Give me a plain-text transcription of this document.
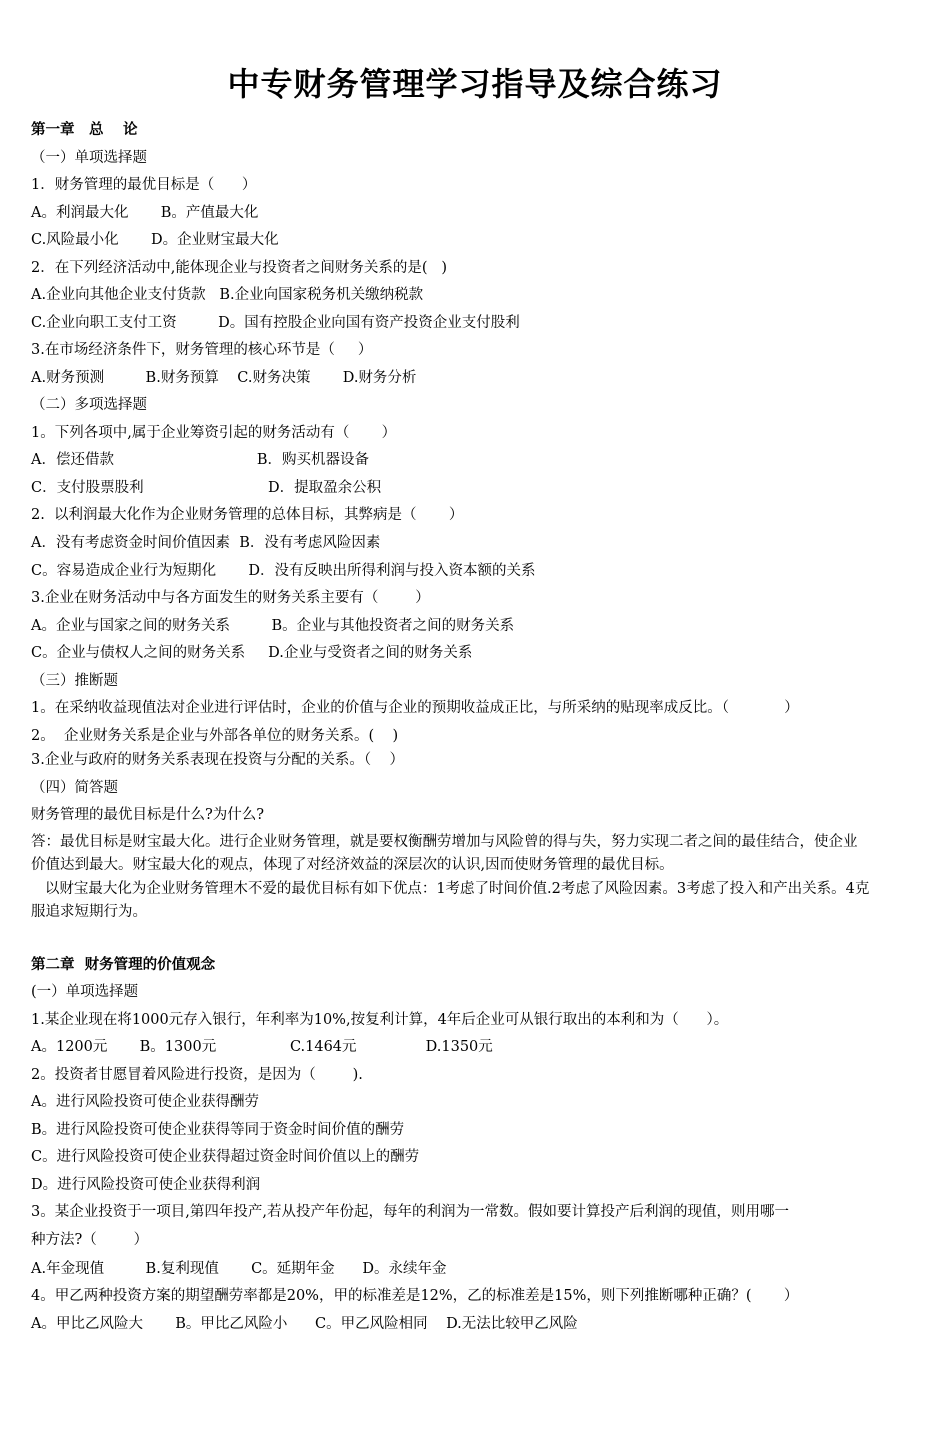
中专财务管理学习指导及综合练习
第一章　总　 论
（一）单项选择题
1．财务管理的最优目标是（      ）
A。利润最大化       B。产值最大化
C.风险最小化       D。企业财宝最大化
2．在下列经济活动中,能体现企业与投资者之间财务关系的是(   )
A.企业向其他企业支付货款   B.企业向国家税务机关缴纳税款
C.企业向职工支付工资         D。国有控股企业向国有资产投资企业支付股利
3.在市场经济条件下，财务管理的核心环节是（     ）
A.财务预测         B.财务预算    C.财务决策       D.财务分析
（二）多项选择题
1。下列各项中,属于企业筹资引起的财务活动有（       ）
A．偿还借款                               B．购买机器设备
C．支付股票股利                           D．提取盈余公积
2.  以利润最大化作为企业财务管理的总体目标，其弊病是（       ）
A．没有考虑资金时间价值因素  B．没有考虑风险因素
C。容易造成企业行为短期化       D．没有反映出所得利润与投入资本额的关系
3.企业在财务活动中与各方面发生的财务关系主要有（        ）
A。企业与国家之间的财务关系         B。企业与其他投资者之间的财务关系
C。企业与债权人之间的财务关系     D.企业与受资者之间的财务关系
（三）推断题
1。在采纳收益现值法对企业进行评估时，企业的价值与企业的预期收益成正比，与所采纳的贴现率成反比。（            ）
2。  企业财务关系是企业与外部各单位的财务关系。(    )
3.企业与政府的财务关系表现在投资与分配的关系。（    ）
（四）简答题
财务管理的最优目标是什么?为什么?
答：最优目标是财宝最大化。进行企业财务管理，就是要权衡酬劳增加与风险曾的得与失，努力实现二者之间的最佳结合，使企业价值达到最大。财宝最大化的观点，体现了对经济效益的深层次的认识,因而使财务管理的最优目标。
以财宝最大化为企业财务管理木不爱的最优目标有如下优点：1考虑了时间价值.2考虑了风险因素。3考虑了投入和产出关系。4克服追求短期行为。
第二章  财务管理的价值观念
(一）单项选择题
1.某企业现在将1000元存入银行，年利率为10%,按复利计算，4年后企业可从银行取出的本利和为（      ）。
A。1200元       B。1300元                C.1464元               D.1350元
2。投资者甘愿冒着风险进行投资，是因为（        ).
A。进行风险投资可使企业获得酬劳
B。进行风险投资可使企业获得等同于资金时间价值的酬劳
C。进行风险投资可使企业获得超过资金时间价值以上的酬劳
D。进行风险投资可使企业获得利润
3。某企业投资于一项目,第四年投产,若从投产年份起，每年的利润为一常数。假如要计算投产后利润的现值，则用哪一
种方法?（        ）
A.年金现值         B.复利现值       C。延期年金      D。永续年金
4。甲乙两种投资方案的期望酬劳率都是20%，甲的标准差是12%，乙的标准差是15%，则下列推断哪种正确？(       ）
A。甲比乙风险大       B。甲比乙风险小      C。甲乙风险相同    D.无法比较甲乙风险
